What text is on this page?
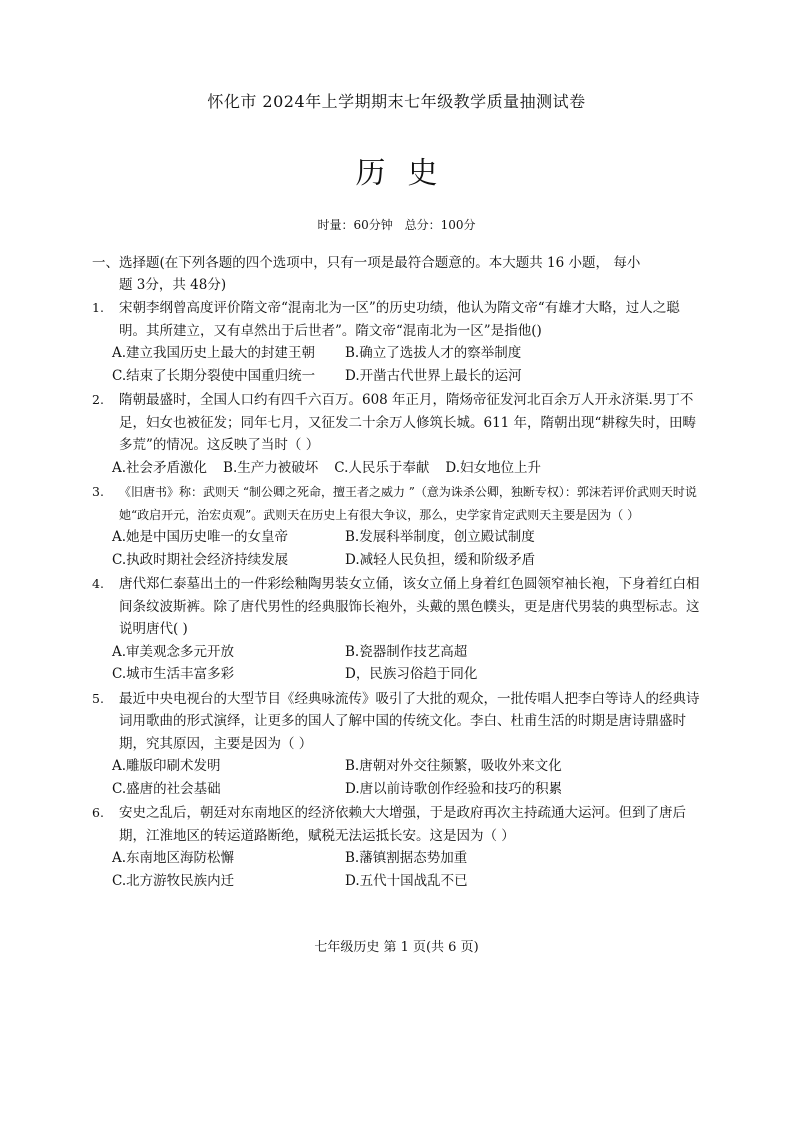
怀化市 2024年上学期期末七年级教学质量抽测试卷
历史
时量：60分钟 总分：100分
一、选择题(在下列各题的四个选项中，只有一项是最符合题意的。本大题共 16 小题， 每小
题 3分，共 48分)
1.	宋朝李纲曾高度评价隋文帝“混南北为一区”的历史功绩，他认为隋文帝“有雄才大略，过人之聪明。其所建立，又有卓然出于后世者”。隋文帝“混南北为一区”是指他()
A.建立我国历史上最大的封建王朝	B.确立了选拔人才的察举制度
C.结束了长期分裂使中国重归统一	D.开凿古代世界上最长的运河
2.	隋朝最盛时，全国人口约有四千六百万。608 年正月，隋炀帝征发河北百余万人开永济渠.男丁不足，妇女也被征发；同年七月，又征发二十余万人修筑长城。611 年，隋朝出现“耕稼失时，田畴多荒”的情况。这反映了当时（ ）
A.社会矛盾激化 B.生产力被破坏 C.人民乐于奉献 D.妇女地位上升
3.	《旧唐书》称：武则天 “制公卿之死命，擅王者之威力 ”（意为诛杀公卿，独断专权）：郭沫若评价武则天时说她“政启开元，治宏贞观”。武则天在历史上有很大争议，那么，史学家肯定武则天主要是因为（ ）
A.她是中国历史唯一的女皇帝	B.发展科举制度，创立殿试制度
C.执政时期社会经济持续发展	D.减轻人民负担，缓和阶级矛盾
4.	唐代郑仁泰墓出土的一件彩绘釉陶男装女立俑，该女立俑上身着红色圆领窄袖长袍，下身着红白相间条纹波斯裤。除了唐代男性的经典服饰长袍外，头戴的黑色幞头，更是唐代男装的典型标志。这说明唐代( )
A.审美观念多元开放	B.瓷器制作技艺高超
C.城市生活丰富多彩	D，民族习俗趋于同化
5.	最近中央电视台的大型节目《经典咏流传》吸引了大批的观众，一批传唱人把李白等诗人的经典诗词用歌曲的形式演绎，让更多的国人了解中国的传统文化。李白、杜甫生活的时期是唐诗鼎盛时期，究其原因，主要是因为（ ）
A.雕版印刷术发明	B.唐朝对外交往频繁，吸收外来文化
C.盛唐的社会基础	D.唐以前诗歌创作经验和技巧的积累
6.	安史之乱后，朝廷对东南地区的经济依赖大大增强，于是政府再次主持疏通大运河。但到了唐后期，江淮地区的转运道路断绝，赋税无法运抵长安。这是因为（ ）
A.东南地区海防松懈	B.藩镇割据态势加重
C.北方游牧民族内迁	D.五代十国战乱不已
七年级历史 第 1 页(共 6 页)
